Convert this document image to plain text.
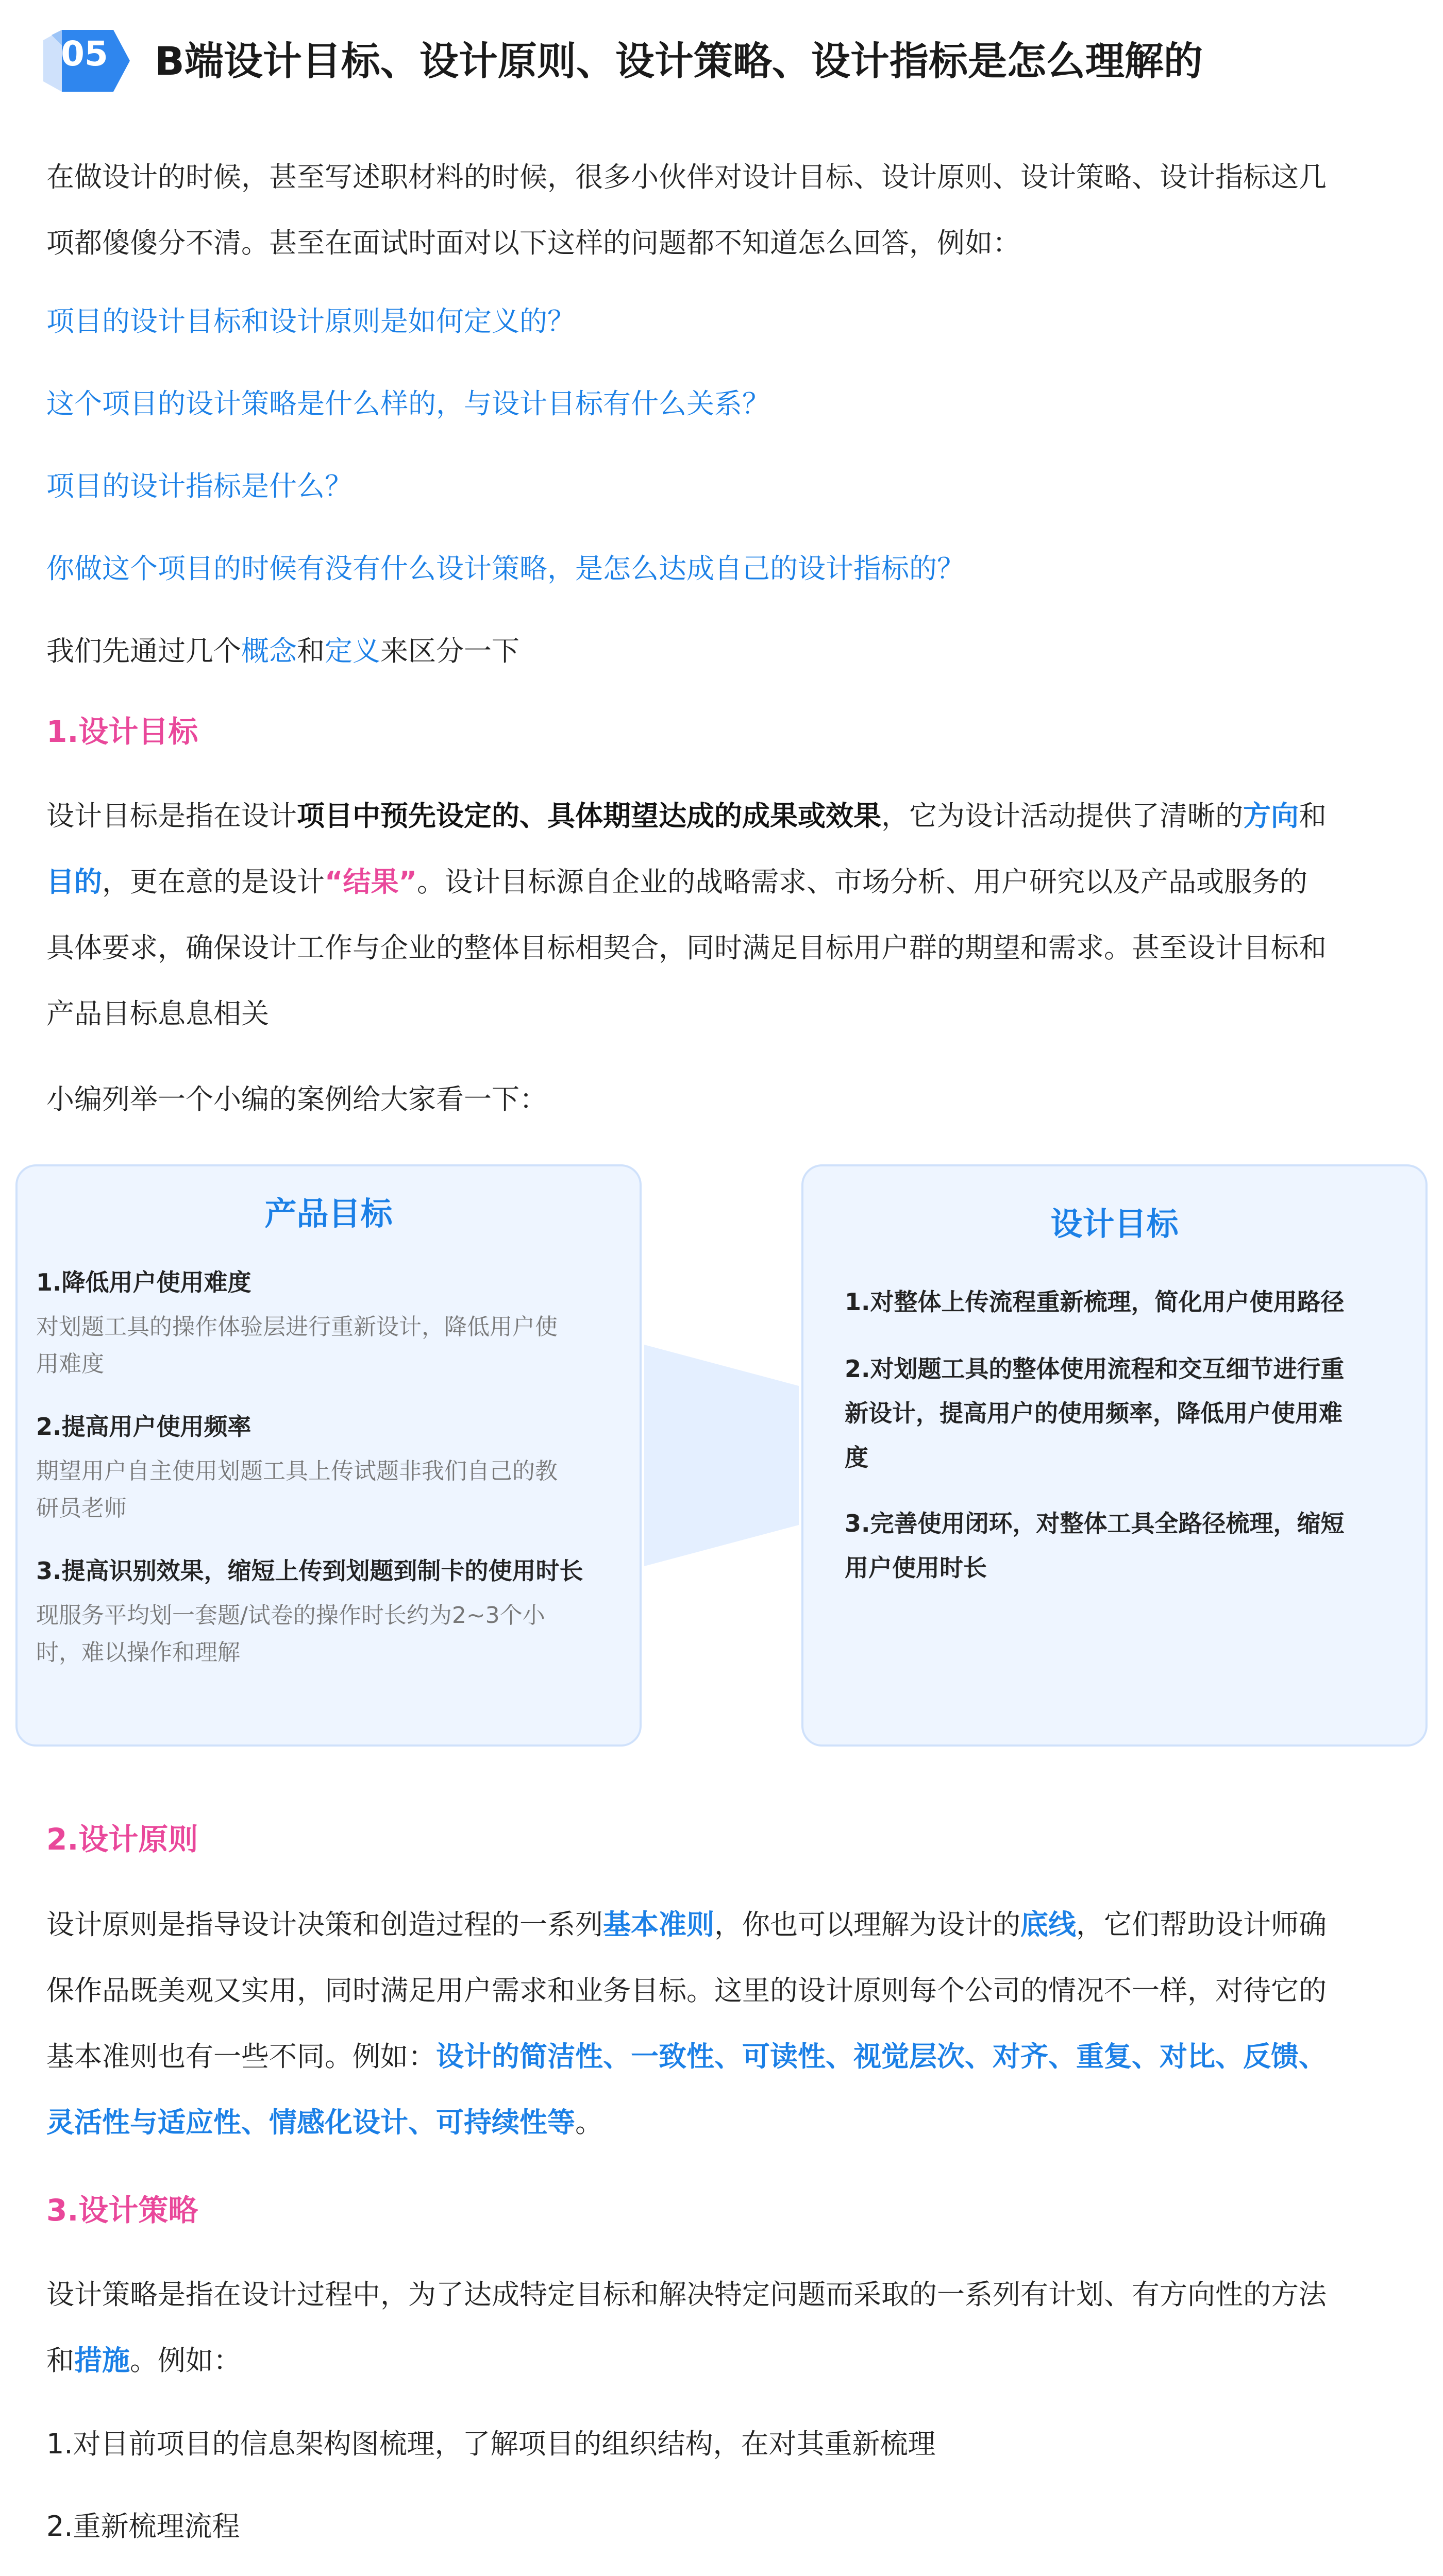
05 B端设计目标、设计原则、设计策略、设计指标是怎么理解的
在做设计的时候，甚至写述职材料的时候，很多小伙伴对设计目标、设计原则、设计策略、设计指标这几
项都傻傻分不清。甚至在面试时面对以下这样的问题都不知道怎么回答，例如：
项目的设计目标和设计原则是如何定义的？
这个项目的设计策略是什么样的，与设计目标有什么关系？
项目的设计指标是什么？
你做这个项目的时候有没有什么设计策略，是怎么达成自己的设计指标的？
我们先通过几个概念和定义来区分一下
1.设计目标
设计目标是指在设计项目中预先设定的、具体期望达成的成果或效果，它为设计活动提供了清晰的方向和
目的，更在意的是设计“结果”。设计目标源自企业的战略需求、市场分析、用户研究以及产品或服务的
具体要求，确保设计工作与企业的整体目标相契合，同时满足目标用户群的期望和需求。甚至设计目标和
产品目标息息相关
小编列举一个小编的案例给大家看一下：
产品目标
1.降低用户使用难度
对划题工具的操作体验层进行重新设计，降低用户使
用难度
2.提高用户使用频率
期望用户自主使用划题工具上传试题非我们自己的教
研员老师
3.提高识别效果，缩短上传到划题到制卡的使用时长
现服务平均划一套题/试卷的操作时长约为2~3个小
时，难以操作和理解
设计目标
1.对整体上传流程重新梳理，简化用户使用路径
2.对划题工具的整体使用流程和交互细节进行重
新设计，提高用户的使用频率，降低用户使用难
度
3.完善使用闭环，对整体工具全路径梳理，缩短
用户使用时长
2.设计原则
设计原则是指导设计决策和创造过程的一系列基本准则，你也可以理解为设计的底线，它们帮助设计师确
保作品既美观又实用，同时满足用户需求和业务目标。这里的设计原则每个公司的情况不一样，对待它的
基本准则也有一些不同。例如：设计的简洁性、一致性、可读性、视觉层次、对齐、重复、对比、反馈、
灵活性与适应性、情感化设计、可持续性等。
3.设计策略
设计策略是指在设计过程中，为了达成特定目标和解决特定问题而采取的一系列有计划、有方向性的方法
和措施。例如：
1.对目前项目的信息架构图梳理，了解项目的组织结构，在对其重新梳理
2.重新梳理流程
